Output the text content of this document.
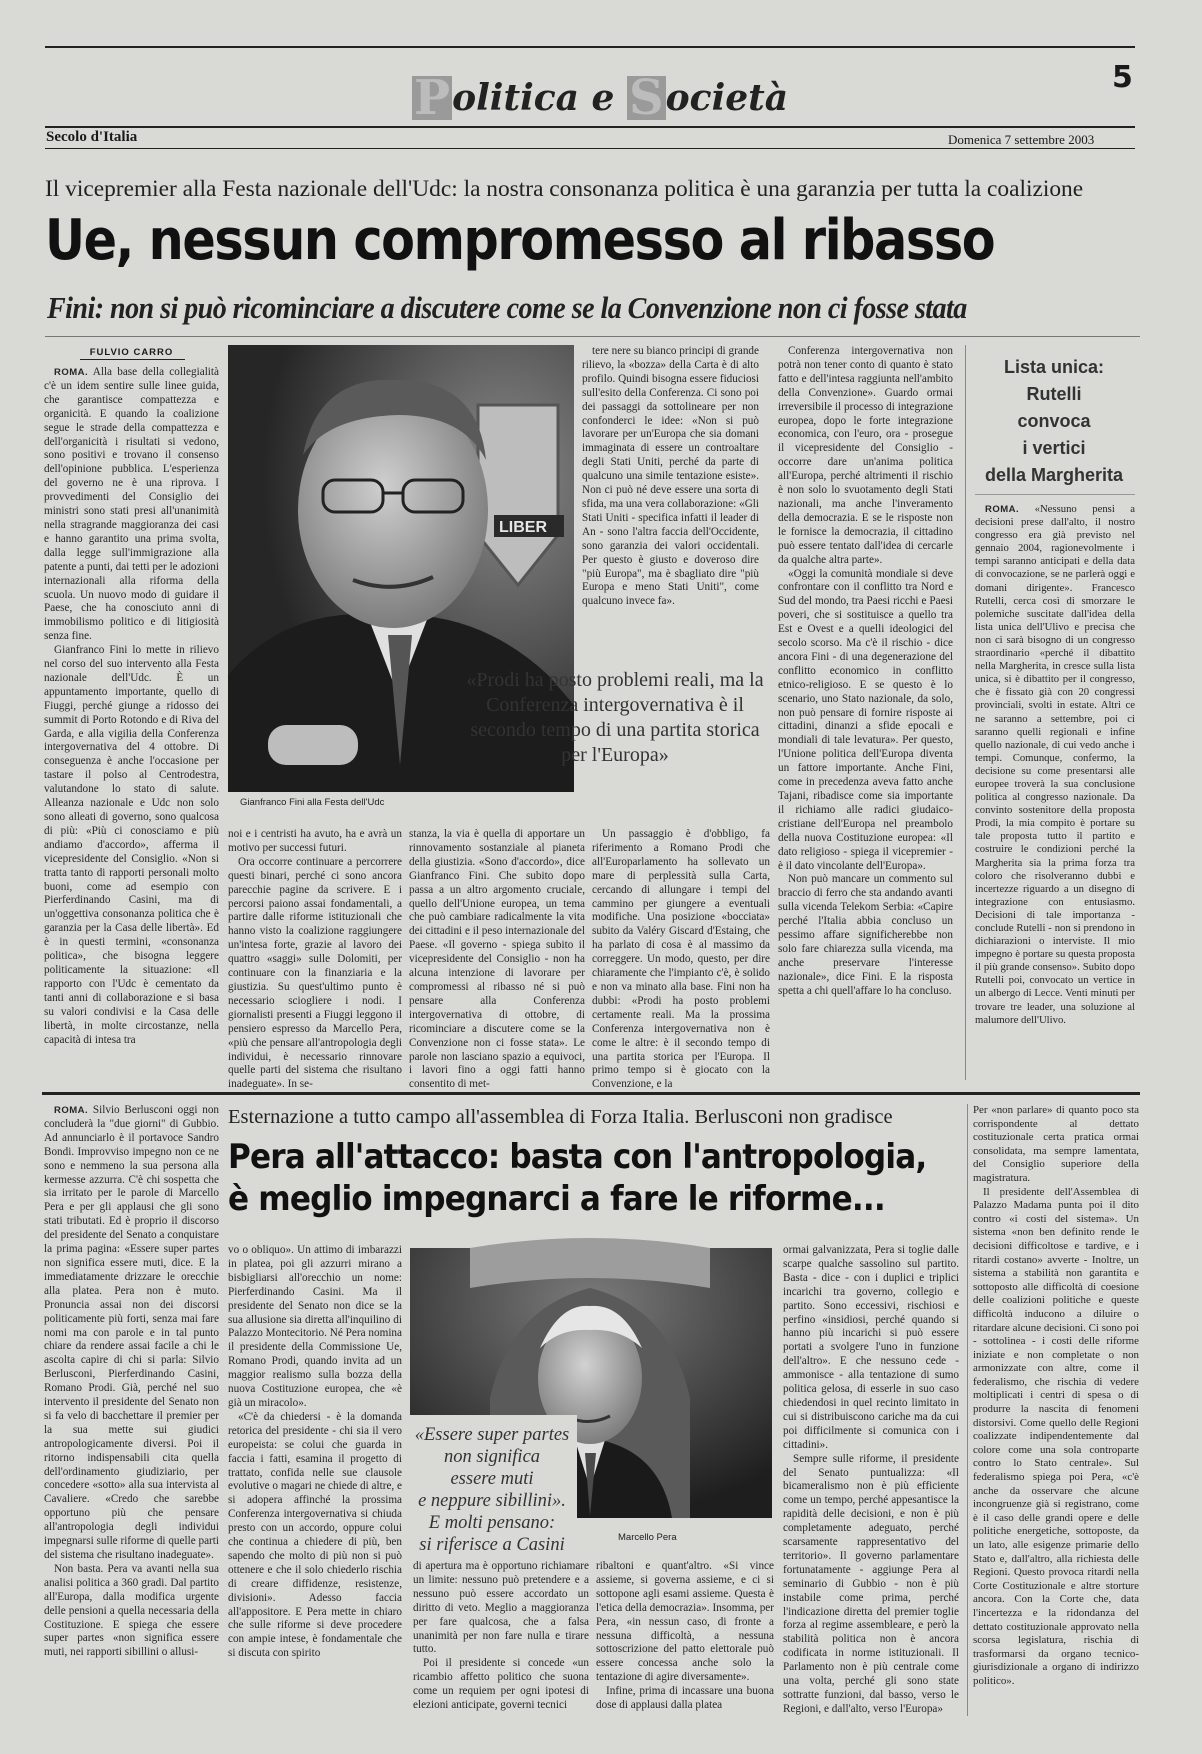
Politica e Società	5
Secolo d'Italia	Domenica 7 settembre 2003
Il vicepremier alla Festa nazionale dell'Udc: la nostra consonanza politica è una garanzia per tutta la coalizione
Ue, nessun compromesso al ribasso
Fini: non si può ricominciare a discutere come se la Convenzione non ci fosse stata
FULVIO CARRO

ROMA. Alla base della collegialità c'è un idem sentire sulle linee guida, che garantisce compattezza e organicità. E quando la coalizione segue le strade della compattezza e dell'organicità i risultati si vedono, sono positivi e trovano il consenso dell'opinione pubblica. L'esperienza del governo ne è una riprova. I provvedimenti del Consiglio dei ministri sono stati presi all'unanimità nella stragrande maggioranza dei casi e hanno garantito una prima svolta, dalla legge sull'immigrazione alla patente a punti, dai tetti per le adozioni internazionali alla riforma della scuola. Un nuovo modo di guidare il Paese, che ha conosciuto anni di immobilismo politico e di litigiosità senza fine.

Gianfranco Fini lo mette in rilievo nel corso del suo intervento alla Festa nazionale dell'Udc. È un appuntamento importante, quello di Fiuggi, perché giunge a ridosso dei summit di Porto Rotondo e di Riva del Garda, e alla vigilia della Conferenza intergovernativa del 4 ottobre. Di conseguenza è anche l'occasione per tastare il polso al Centrodestra, valutandone lo stato di salute. Alleanza nazionale e Udc non solo sono alleati di governo, sono qualcosa di più: «Più ci conosciamo e più andiamo d'accordo», afferma il vicepresidente del Consiglio. «Non si tratta tanto di rapporti personali molto buoni, come ad esempio con Pierferdinando Casini, ma di un'oggettiva consonanza politica che è garanzia per la Casa delle libertà». Ed è in questi termini, «consonanza politica», che bisogna leggere politicamente la situazione: «Il rapporto con l'Udc è cementato da tanti anni di collaborazione e si basa su valori condivisi e la Casa delle libertà, in molte circostanze, nella capacità di intesa tra

LIBER
Gianfranco Fini alla Festa dell'Udc

tere nere su bianco principi di grande rilievo, la «bozza» della Carta è di alto profilo. Quindi bisogna essere fiduciosi sull'esito della Conferenza. Ci sono poi dei passaggi da sottolineare per non confonderci le idee: «Non si può lavorare per un'Europa che sia domani immaginata di essere un controaltare degli Stati Uniti, perché da parte di qualcuno una simile tentazione esiste». Non ci può né deve essere una sorta di sfida, ma una vera collaborazione: «Gli Stati Uniti - specifica infatti il leader di An - sono l'altra faccia dell'Occidente, sono garanzia dei valori occidentali. Per questo è giusto e doveroso dire "più Europa", ma è sbagliato dire "più Europa e meno Stati Uniti", come qualcuno invece fa».

Conferenza intergovernativa non potrà non tener conto di quanto è stato fatto e dell'intesa raggiunta nell'ambito della Convenzione». Guardo ormai irreversibile il processo di integrazione europea, dopo le forte integrazione economica, con l'euro, ora - prosegue il vicepresidente del Consiglio - occorre dare un'anima politica all'Europa, perché altrimenti il rischio è non solo lo svuotamento degli Stati nazionali, ma anche l'inveramento della democrazia. E se le risposte non le fornisce la democrazia, il cittadino può essere tentato dall'idea di cercarle da qualche altra parte».

«Oggi la comunità mondiale si deve confrontare con il conflitto tra Nord e Sud del mondo, tra Paesi ricchi e Paesi poveri, che si sostituisce a quello tra Est e Ovest e a quelli ideologici del secolo scorso. Ma c'è il rischio - dice ancora Fini - di una degenerazione del conflitto economico in conflitto etnico-religioso. E se questo è lo scenario, uno Stato nazionale, da solo, non può pensare di fornire risposte ai cittadini, dinanzi a sfide epocali e mondiali di tale levatura». Per questo, l'Unione politica dell'Europa diventa un fattore importante. Anche Fini, come in precedenza aveva fatto anche Tajani, ribadisce come sia importante il richiamo alle radici giudaico-cristiane dell'Europa nel preambolo della nuova Costituzione europea: «Il dato religioso - spiega il vicepremier - è il dato vincolante dell'Europa».

Non può mancare un commento sul braccio di ferro che sta andando avanti sulla vicenda Telekom Serbia: «Capire perché l'Italia abbia concluso un pessimo affare significherebbe non solo fare chiarezza sulla vicenda, ma anche preservare l'interesse nazionale», dice Fini. E la risposta spetta a chi quell'affare lo ha concluso.

«Prodi ha posto problemi reali, ma la Conferenza intergovernativa è il secondo tempo di una partita storica per l'Europa»

noi e i centristi ha avuto, ha e avrà un motivo per successi futuri.

Ora occorre continuare a percorrere questi binari, perché ci sono ancora parecchie pagine da scrivere. E i percorsi paiono assai fondamentali, a partire dalle riforme istituzionali che hanno visto la coalizione raggiungere un'intesa forte, grazie al lavoro dei quattro «saggi» sulle Dolomiti, per continuare con la finanziaria e la giustizia. Su quest'ultimo punto è necessario sciogliere i nodi. I giornalisti presenti a Fiuggi leggono il pensiero espresso da Marcello Pera, «più che pensare all'antropologia degli individui, è necessario rinnovare quelle parti del sistema che risultano inadeguate». In se-

stanza, la via è quella di apportare un rinnovamento sostanziale al pianeta della giustizia. «Sono d'accordo», dice Gianfranco Fini. Che subito dopo passa a un altro argomento cruciale, quello dell'Unione europea, un tema che può cambiare radicalmente la vita dei cittadini e il peso internazionale del Paese. «Il governo - spiega subito il vicepresidente del Consiglio - non ha alcuna intenzione di lavorare per compromessi al ribasso né si può pensare alla Conferenza intergovernativa di ottobre, di ricominciare a discutere come se la Convenzione non ci fosse stata». Le parole non lasciano spazio a equivoci, i lavori fino a oggi fatti hanno consentito di met-

Un passaggio è d'obbligo, fa riferimento a Romano Prodi che all'Europarlamento ha sollevato un mare di perplessità sulla Carta, cercando di allungare i tempi del cammino per giungere a eventuali modifiche. Una posizione «bocciata» subito da Valéry Giscard d'Estaing, che ha parlato di cosa è al massimo da correggere. Un modo, questo, per dire chiaramente che l'impianto c'è, è solido e non va minato alla base. Fini non ha dubbi: «Prodi ha posto problemi certamente reali. Ma la prossima Conferenza intergovernativa non è come le altre: è il secondo tempo di una partita storica per l'Europa. Il primo tempo si è giocato con la Convenzione, e la

Lista unica:
Rutelli
convoca
i vertici
della Margherita

ROMA. «Nessuno pensi a decisioni prese dall'alto, il nostro congresso era già previsto nel gennaio 2004, ragionevolmente i tempi saranno anticipati e della data di convocazione, se ne parlerà oggi e domani dirigente». Francesco Rutelli, cerca così di smorzare le polemiche suscitate dall'idea della lista unica dell'Ulivo e precisa che non ci sarà bisogno di un congresso straordinario «perché il dibattito nella Margherita, in cresce sulla lista unica, si è dibattito per il congresso, che è fissato già con 20 congressi provinciali, svolti in estate. Altri ce ne saranno a settembre, poi ci saranno quelli regionali e infine quello nazionale, di cui vedo anche i tempi. Comunque, confermo, la decisione su come presentarsi alle europee troverà la sua conclusione politica al congresso nazionale. Da convinto sostenitore della proposta Prodi, la mia compito è portare su tale proposta tutto il partito e costruire le condizioni perché la Margherita sia la prima forza tra coloro che risolveranno dubbi e incertezze riguardo a un disegno di integrazione con entusiasmo. Decisioni di tale importanza - conclude Rutelli - non si prendono in dichiarazioni o interviste. Il mio impegno è portare su questa proposta il più grande consenso». Subito dopo Rutelli poi, convocato un vertice in un albergo di Lecce. Venti minuti per trovare tre leader, una soluzione al malumore dell'Ulivo.

ROMA. Silvio Berlusconi oggi non concluderà la "due giorni" di Gubbio. Ad annunciarlo è il portavoce Sandro Bondi. Improvviso impegno non ce ne sono e nemmeno la sua persona alla kermesse azzurra. C'è chi sospetta che sia irritato per le parole di Marcello Pera e per gli applausi che gli sono stati tributati. Ed è proprio il discorso del presidente del Senato a conquistare la prima pagina: «Essere super partes non significa essere muti, dice. E la immediatamente drizzare le orecchie alla platea. Pera non è muto. Pronuncia assai non dei discorsi politicamente più forti, senza mai fare nomi ma con parole e in tal punto chiare da rendere assai facile a chi le ascolta capire di chi si parla: Silvio Berlusconi, Pierferdinando Casini, Romano Prodi. Già, perché nel suo intervento il presidente del Senato non si fa velo di bacchettare il premier per la sua mette sui giudici antropologicamente diversi. Poi il ritorno indispensabili cita quella dell'ordinamento giudiziario, per concedere «sotto» alla sua intervista al Cavaliere. «Credo che sarebbe opportuno più che pensare all'antropologia degli individui impegnarsi sulle riforme di quelle parti del sistema che risultano inadeguate».

Non basta. Pera va avanti nella sua analisi politica a 360 gradi. Dal partito all'Europa, dalla modifica urgente delle pensioni a quella necessaria della Costituzione. E spiega che essere super partes «non significa essere muti, nei rapporti sibillini o allusi-

Esternazione a tutto campo all'assemblea di Forza Italia. Berlusconi non gradisce
Pera all'attacco: basta con l'antropologia,
è meglio impegnarci a fare le riforme...

vo o obliquo». Un attimo di imbarazzi in platea, poi gli azzurri mirano a bisbigliarsi all'orecchio un nome: Pierferdinando Casini. Ma il presidente del Senato non dice se la sua allusione sia diretta all'inquilino di Palazzo Montecitorio. Né Pera nomina il presidente della Commissione Ue, Romano Prodi, quando invita ad un maggior realismo sulla bozza della nuova Costituzione europea, che «è già un miracolo».

«C'è da chiedersi - è la domanda retorica del presidente - chi sia il vero europeista: se colui che guarda in faccia i fatti, esamina il progetto di trattato, confida nelle sue clausole evolutive o magari ne chiede di altre, e si adopera affinché la prossima Conferenza intergovernativa si chiuda presto con un accordo, oppure colui che continua a chiedere di più, ben sapendo che molto di più non si può ottenere e che il solo chiederlo rischia di creare diffidenze, resistenze, divisioni». Adesso faccia all'appositore. E Pera mette in chiaro che sulle riforme si deve procedere con ampie intese, è fondamentale che si discuta con spirito

«Essere super partes
non significa
essere muti
e neppure sibillini».
E molti pensano:
si riferisce a Casini	Marcello Pera

di apertura ma è opportuno richiamare un limite: nessuno può pretendere e a nessuno può essere accordato un diritto di veto. Meglio a maggioranza per fare qualcosa, che a falsa unanimità per non fare nulla e tirare tutto.

Poi il presidente si concede «un ricambio affetto politico che suona come un requiem per ogni ipotesi di elezioni anticipate, governi tecnici

ribaltoni e quant'altro. «Si vince assieme, si governa assieme, e ci si sottopone agli esami assieme. Questa è l'etica della democrazia». Insomma, per Pera, «in nessun caso, di fronte a nessuna difficoltà, a nessuna sottoscrizione del patto elettorale può essere concessa anche solo la tentazione di agire diversamente».

Infine, prima di incassare una buona dose di applausi dalla platea

ormai galvanizzata, Pera si toglie dalle scarpe qualche sassolino sul partito. Basta - dice - con i duplici e triplici incarichi tra governo, collegio e partito. Sono eccessivi, rischiosi e perfino «insidiosi, perché quando si hanno più incarichi si può essere portati a svolgere l'uno in funzione dell'altro». E che nessuno cede - ammonisce - alla tentazione di sumo politica gelosa, di esserle in suo caso chiedendosi in quel recinto limitato in cui si distribuiscono cariche ma da cui poi difficilmente si comunica con i cittadini».

Sempre sulle riforme, il presidente del Senato puntualizza: «Il bicameralismo non è più efficiente come un tempo, perché appesantisce la rapidità delle decisioni, e non è più completamente adeguato, perché scarsamente rappresentativo del territorio». Il governo parlamentare fortunatamente - aggiunge Pera al seminario di Gubbio - non è più instabile come prima, perché l'indicazione diretta del premier toglie forza al regime assembleare, e però la stabilità politica non è ancora codificata in norme istituzionali. Il Parlamento non è più centrale come una volta, perché gli sono state sottratte funzioni, dal basso, verso le Regioni, e dall'alto, verso l'Europa»

Per «non parlare» di quanto poco sta corrispondente al dettato costituzionale certa pratica ormai consolidata, ma sempre lamentata, del Consiglio superiore della magistratura.

Il presidente dell'Assemblea di Palazzo Madama punta poi il dito contro «i costi del sistema». Un sistema «non ben definito rende le decisioni difficoltose e tardive, e i ritardi costano» avverte - Inoltre, un sistema a stabilità non garantita e sottoposto alle difficoltà di coesione delle coalizioni politiche e queste difficoltà inducono a diluire o ritardare alcune decisioni. Ci sono poi - sottolinea - i costi delle riforme iniziate e non completate o non armonizzate con altre, come il federalismo, che rischia di vedere moltiplicati i centri di spesa o di produrre la nascita di fenomeni distorsivi. Come quello delle Regioni coalizzate indipendentemente dal colore come una sola controparte contro lo Stato centrale». Sul federalismo spiega poi Pera, «c'è anche da osservare che alcune incongruenze già si registrano, come è il caso delle grandi opere e delle politiche energetiche, sottoposte, da un lato, alle esigenze primarie dello Stato e, dall'altro, alla richiesta delle Regioni. Questo provoca ritardi nella Corte Costituzionale e altre storture ancora. Con la Corte che, data l'incertezza e la ridondanza del dettato costituzionale approvato nella scorsa legislatura, rischia di trasformarsi da organo tecnico-giurisdizionale a organo di indirizzo politico».
